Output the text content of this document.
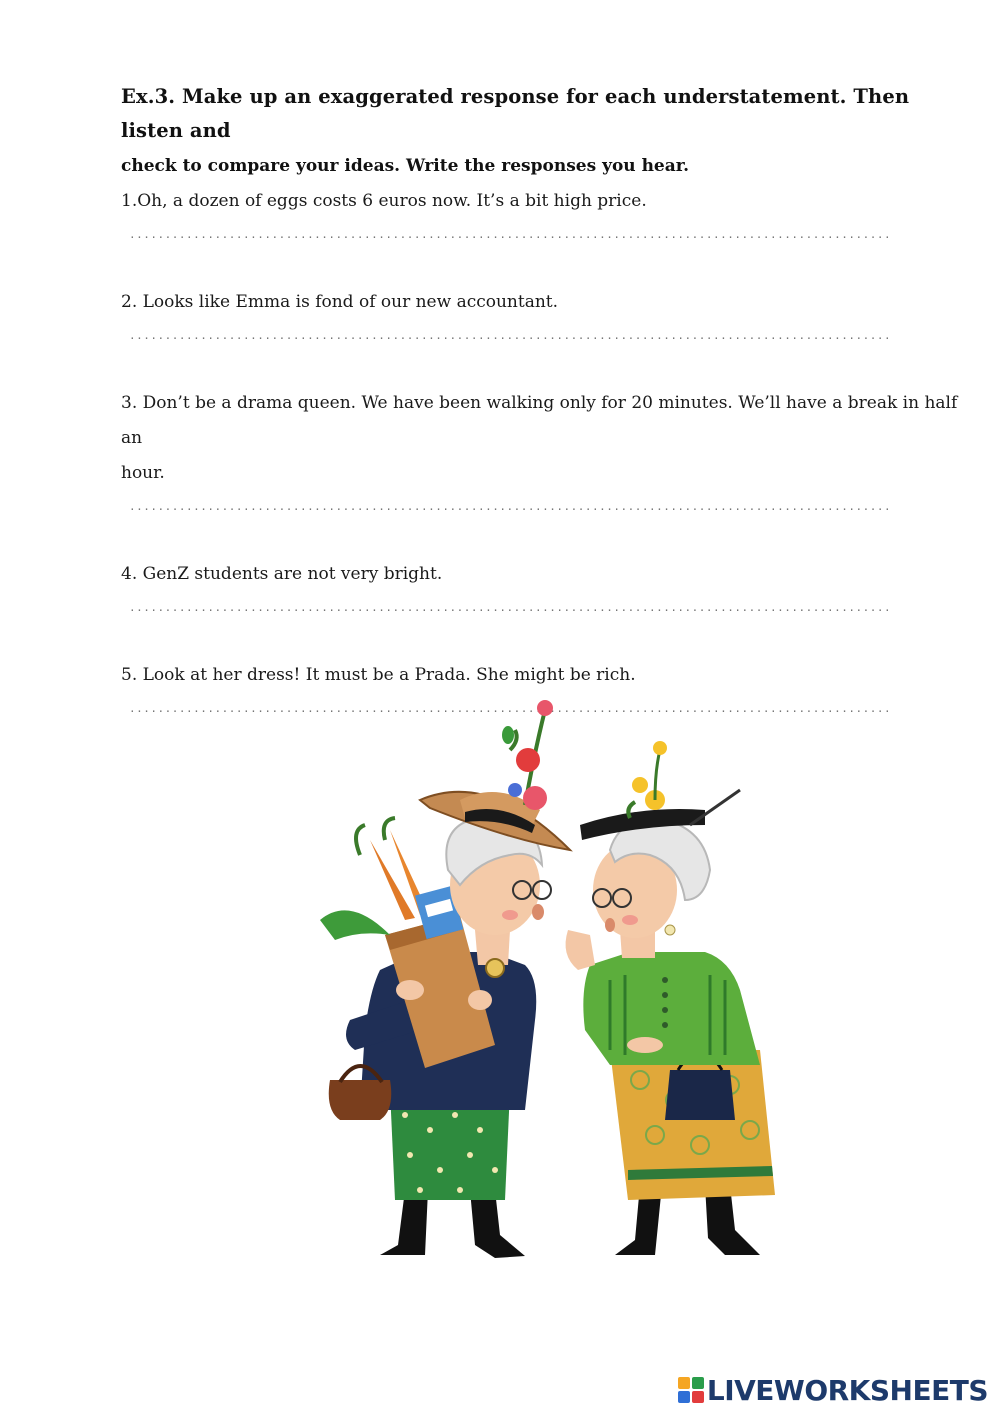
Ex.3. Make up an exaggerated response for each understatement. Then listen and

check to compare your ideas. Write the responses you hear.

1.Oh, a dozen of eggs costs 6 euros now. It’s a bit high price.

.........................................................................................................................................................

2. Looks like Emma is fond of our new accountant.

.........................................................................................................................................................

3. Don’t be a drama queen. We have been walking only for 20 minutes. We’ll have a break in half an

hour.

.........................................................................................................................................................

4. GenZ students are not very bright.

.........................................................................................................................................................

5. Look at her dress! It must be a Prada. She might be rich.

.........................................................................................................................................................
LIVEWORKSHEETS
